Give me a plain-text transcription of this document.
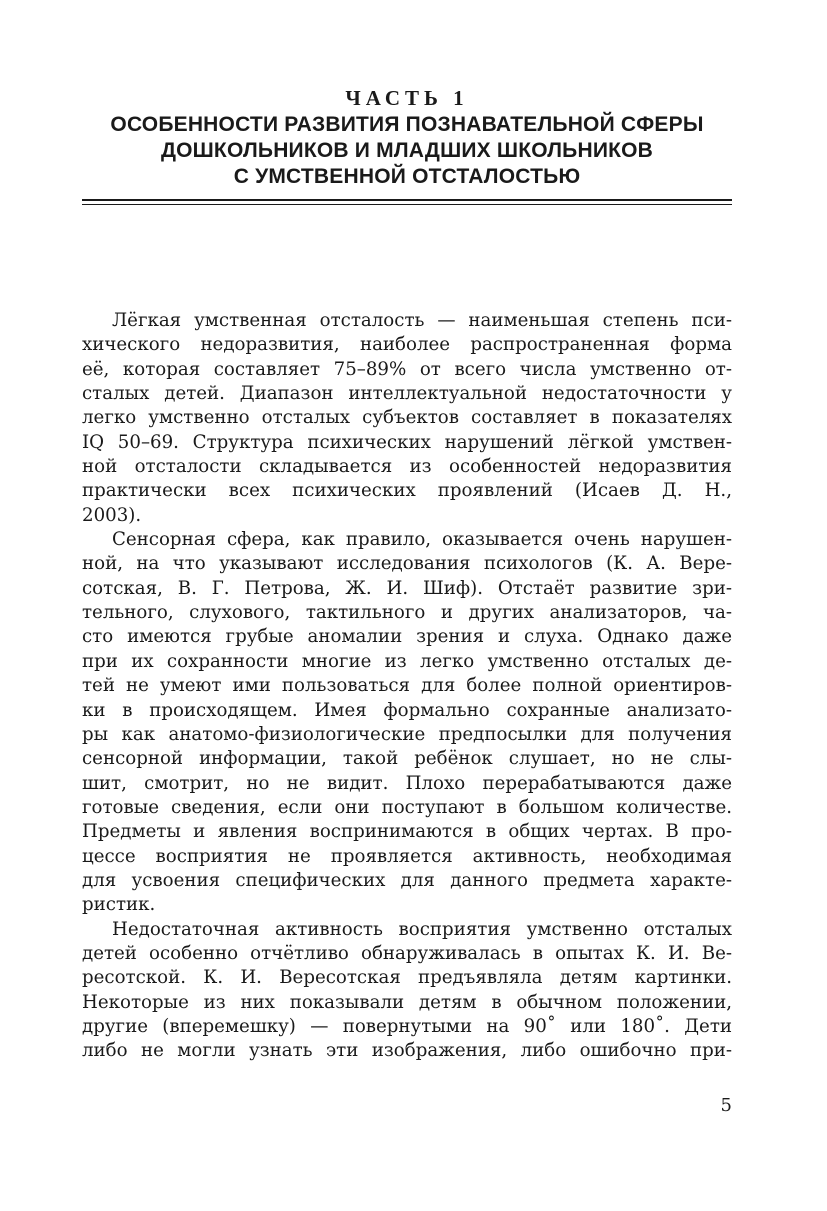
ЧАСТЬ 1
ОСОБЕННОСТИ РАЗВИТИЯ ПОЗНАВАТЕЛЬНОЙ СФЕРЫ
ДОШКОЛЬНИКОВ И МЛАДШИХ ШКОЛЬНИКОВ
С УМСТВЕННОЙ ОТСТАЛОСТЬЮ
Лёгкая умственная отсталость — наименьшая степень пси-
хического недоразвития, наиболее распространенная форма
её, которая составляет 75–89% от всего числа умственно от-
сталых детей. Диапазон интеллектуальной недостаточности у
легко умственно отсталых субъектов составляет в показателях
IQ 50–69. Структура психических нарушений лёгкой умствен-
ной отсталости складывается из особенностей недоразвития
практически всех психических проявлений (Исаев Д. Н.,
2003).
Сенсорная сфера, как правило, оказывается очень нарушен-
ной, на что указывают исследования психологов (К. А. Вере-
сотская, В. Г. Петрова, Ж. И. Шиф). Отстаёт развитие зри-
тельного, слухового, тактильного и других анализаторов, ча-
сто имеются грубые аномалии зрения и слуха. Однако даже
при их сохранности многие из легко умственно отсталых де-
тей не умеют ими пользоваться для более полной ориентиров-
ки в происходящем. Имея формально сохранные анализато-
ры как анатомо-физиологические предпосылки для получения
сенсорной информации, такой ребёнок слушает, но не слы-
шит, смотрит, но не видит. Плохо перерабатываются даже
готовые сведения, если они поступают в большом количестве.
Предметы и явления воспринимаются в общих чертах. В про-
цессе восприятия не проявляется активность, необходимая
для усвоения специфических для данного предмета характе-
ристик.
Недостаточная активность восприятия умственно отсталых
детей особенно отчётливо обнаруживалась в опытах К. И. Ве-
ресотской. К. И. Вересотская предъявляла детям картинки.
Некоторые из них показывали детям в обычном положении,
другие (вперемешку) — повернутыми на 90˚ или 180˚. Дети
либо не могли узнать эти изображения, либо ошибочно при-
5
